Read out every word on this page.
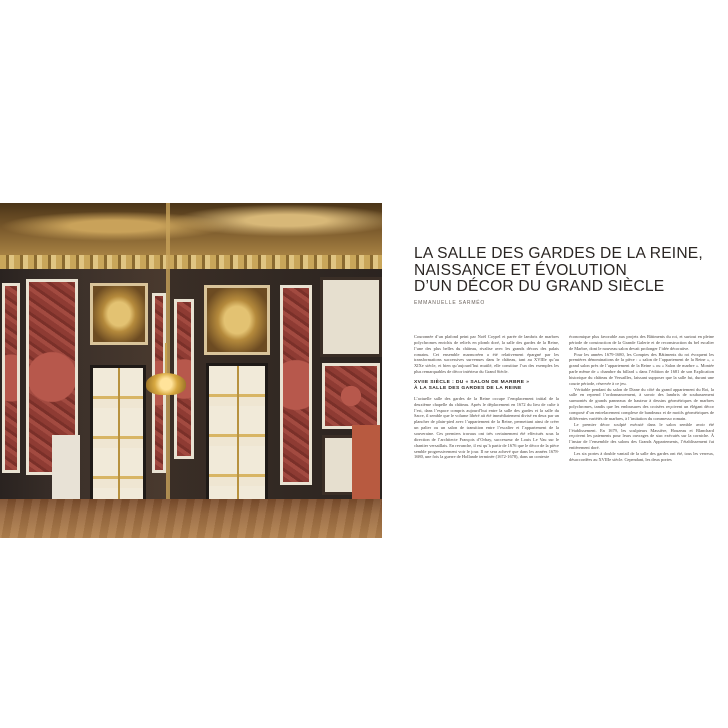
LA SALLE DES GARDES DE LA REINE,
NAISSANCE ET ÉVOLUTION
D’UN DÉCOR DU GRAND SIÈCLE
EMMANUELLE SARMÉO

Couronnée d’un plafond peint par Noël Coypel et parée de lambris de marbres polychromes enrichis de reliefs en plomb doré, la salle des gardes de la Reine, l’une des plus belles du château, rivalise avec les grands décors des palais romains. Cet ensemble marmoréen a été relativement épargné par les transformations successives survenues dans le château, tant au XVIIIe qu’au XIXe siècle, et bien qu’aujourd’hui mutilé, elle constitue l’un des exemples les plus remarquables de décor intérieur du Grand Siècle.

XVIIE SIÈCLE : DU « SALON DE MARBRE »
À LA SALLE DES GARDES DE LA REINE

L’actuelle salle des gardes de la Reine occupe l’emplacement initial de la deuxième chapelle du château. Après le déplacement en 1672 du lieu de culte à l’est, dans l’espace compris aujourd’hui entre la salle des gardes et la salle du Sacre, il semble que le volume libéré ait été immédiatement divisé en deux par un plancher de plain-pied avec l’appartement de la Reine, permettant ainsi de créer un palier ou un salon de transition entre l’escalier et l’appartement de la souveraine. Ces premiers travaux ont très certainement été effectués sous la direction de l’architecte François d’Orbay, successeur de Louis Le Vau sur le chantier versaillais. En revanche, il est qu’à partir de 1676 que le décor de la pièce semble progressivement voir le jour. Il ne sera achevé que dans les années 1678-1680, une fois la guerre de Hollande terminée (1672-1678), dans un contexte

économique plus favorable aux projets des Bâtiments du roi, et surtout en pleine période de construction de la Grande Galerie et de reconstruction du bel escalier de Marbre, dont le nouveau salon devait prolonger l’idée décorative.

Pour les années 1679-1680, les Comptes des Bâtiments du roi évoquent les premières dénominations de la pièce : « salon de l’appartement de la Reine », « grand salon près de l’appartement de la Reine » ou « Salon de marbre ». Montée parle même de « chambre du billard » dans l’édition de 1681 de son Explication historique du château de Versailles, laissant supposer que la salle fut, durant une courte période, réservée à ce jeu.

Véritable pendant du salon de Diane du côté du grand appartement du Roi, la salle en reprend l’ordonnancement, à savoir des lambris de soubassement surmontés de grands panneaux de hauteur à dessins géométriques de marbres polychromes, tandis que les embrasures des croisées reçoivent un élégant décor composé d’un entrelacement complexe de bandeaux et de motifs géométriques de différentes variétés de marbres, à l’imitation du commesso romain.

Le premier décor sculpté exécuté dans le salon semble avoir été l’établissement. En 1679, les sculpteurs Massière, Houzeau et Blanchard reçoivent les paiements pour leurs ouvrages de stuc exécutés sur la corniche. À l’instar de l’ensemble des salons des Grands Appartements, l’établissement fut entièrement doré.

Les six portes à double vantail de la salle des gardes ont été, tous les verreux, désaccordées au XVIIIe siècle. Cependant, les deux portes
